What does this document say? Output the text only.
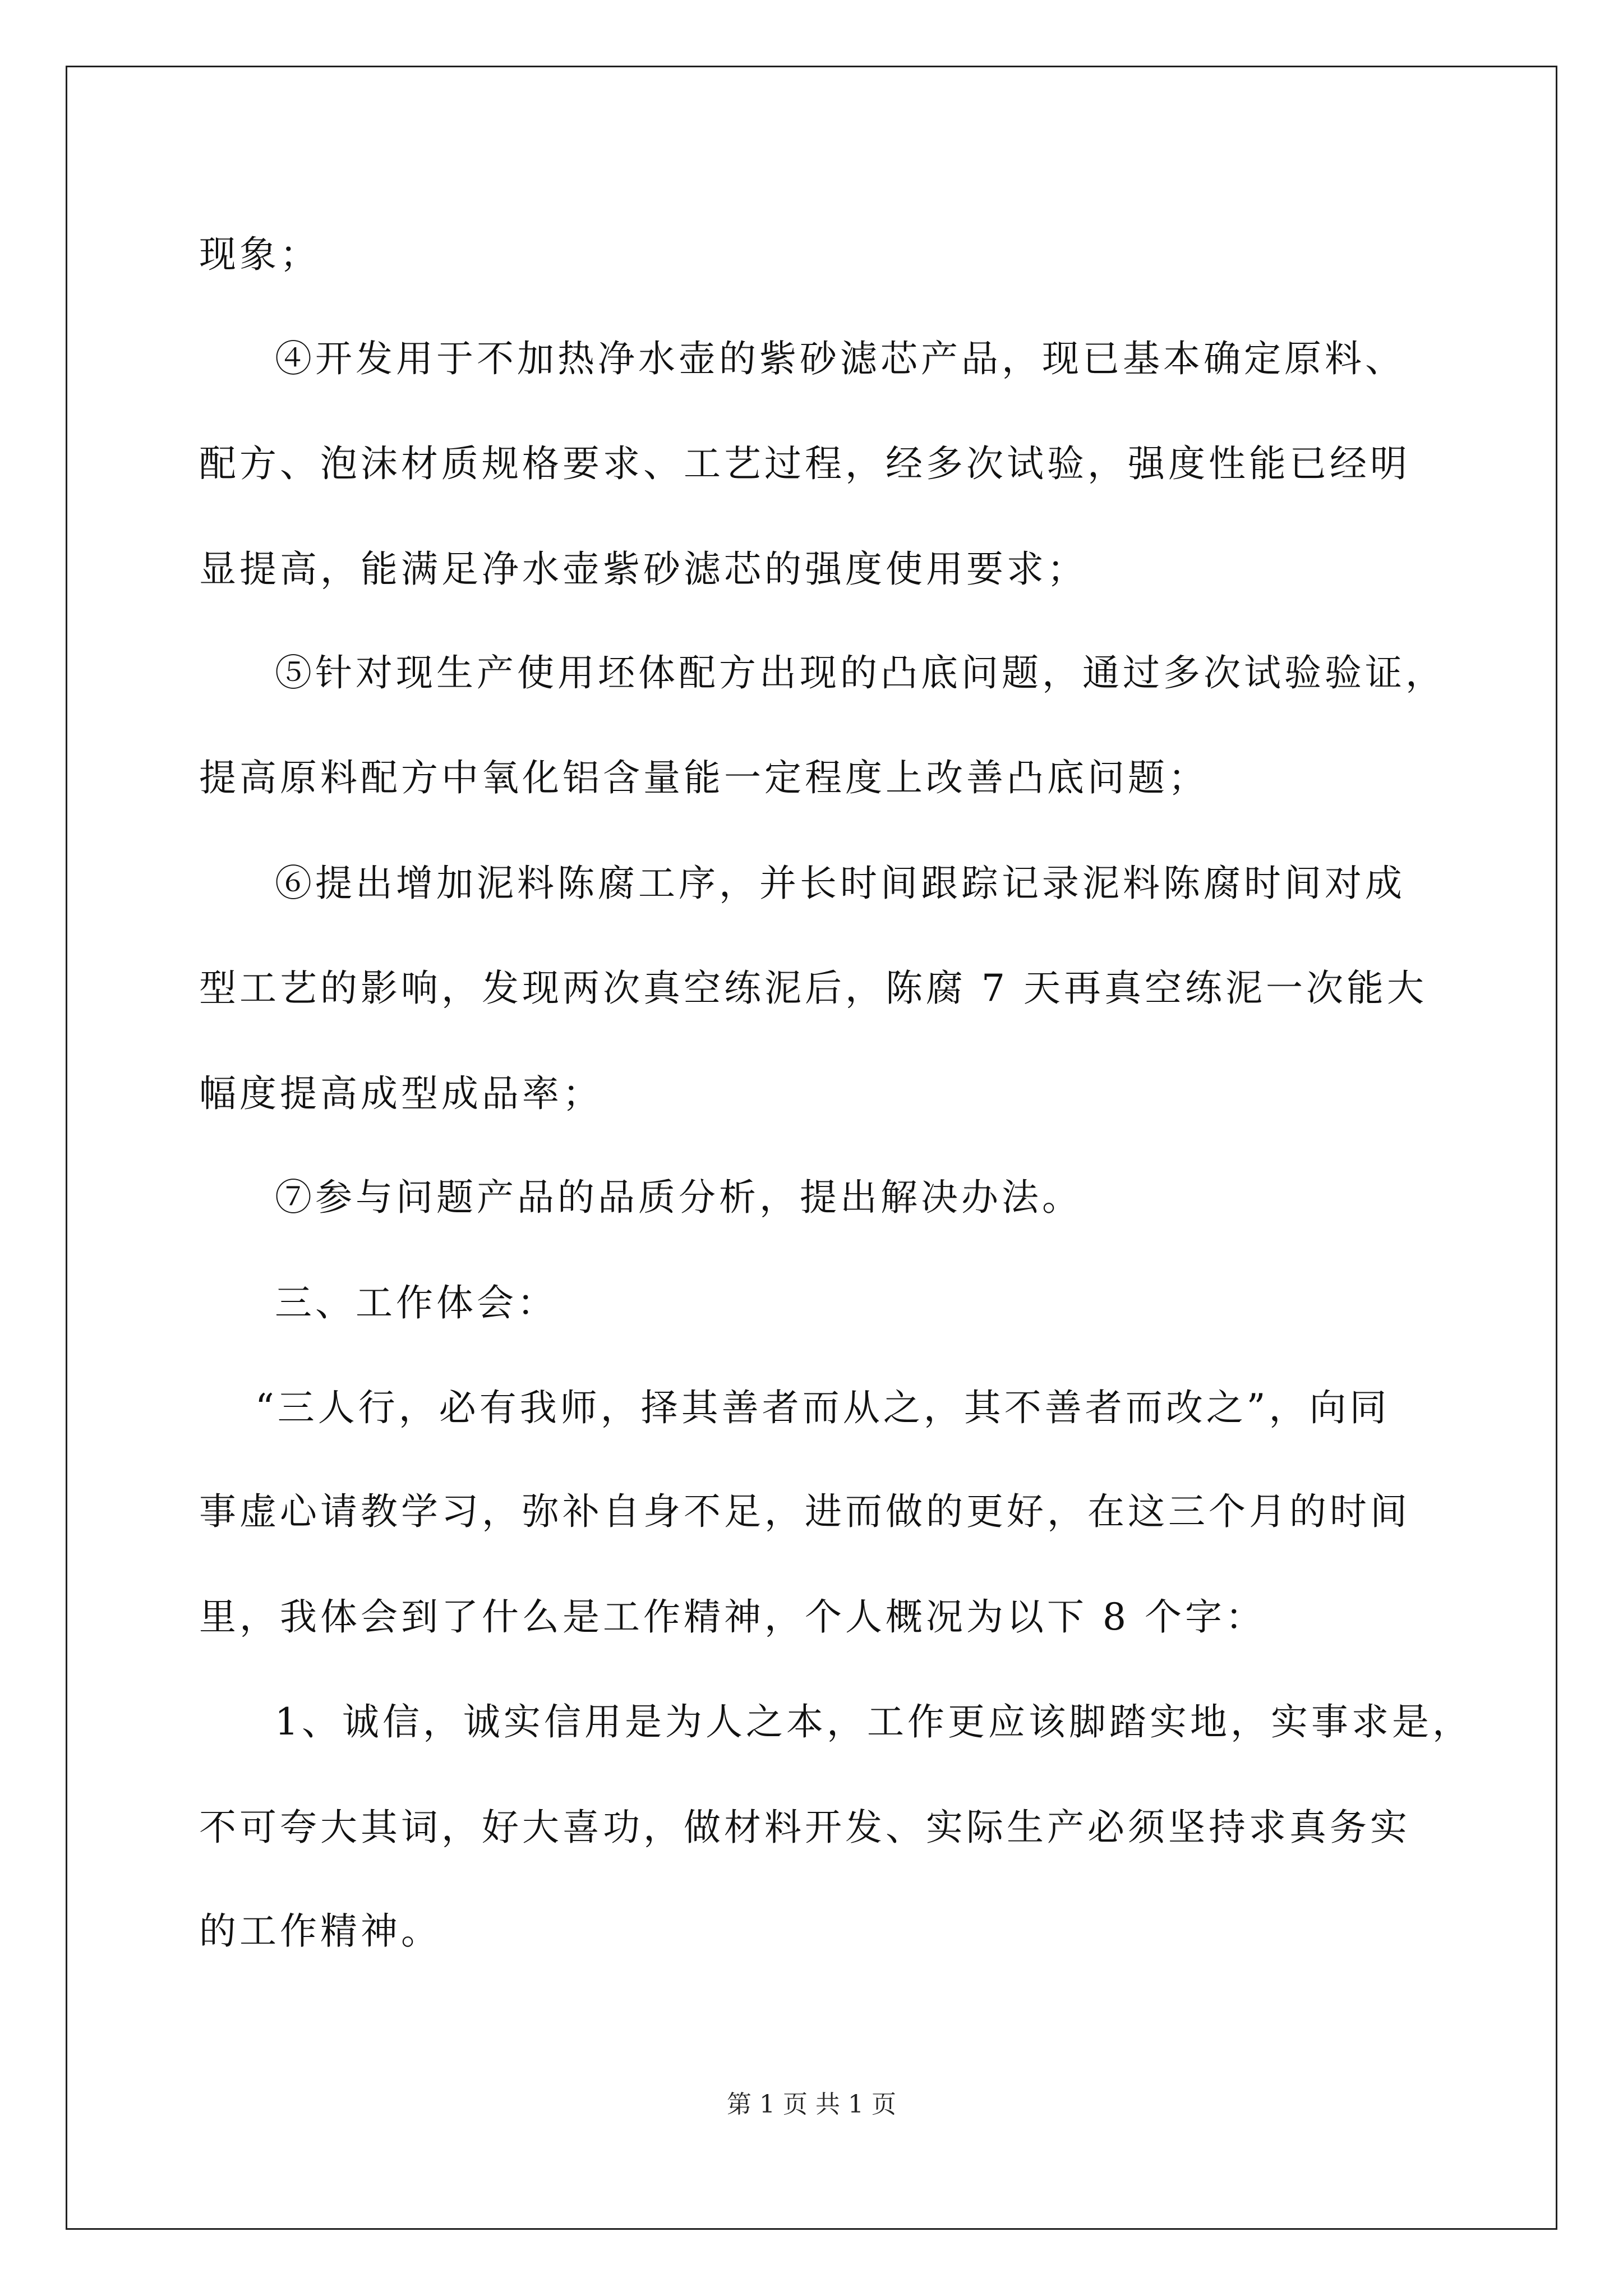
现象；
④开发用于不加热净水壶的紫砂滤芯产品，现已基本确定原料、
配方、泡沫材质规格要求、工艺过程，经多次试验，强度性能已经明
显提高，能满足净水壶紫砂滤芯的强度使用要求；
⑤针对现生产使用坯体配方出现的凸底问题，通过多次试验验证，
提高原料配方中氧化铝含量能一定程度上改善凸底问题；
⑥提出增加泥料陈腐工序，并长时间跟踪记录泥料陈腐时间对成
型工艺的影响，发现两次真空练泥后，陈腐 7 天再真空练泥一次能大
幅度提高成型成品率；
⑦参与问题产品的品质分析，提出解决办法。
三、工作体会：
“三人行，必有我师，择其善者而从之，其不善者而改之”，向同
事虚心请教学习，弥补自身不足，进而做的更好，在这三个月的时间
里，我体会到了什么是工作精神，个人概况为以下 8 个字：
1、诚信，诚实信用是为人之本，工作更应该脚踏实地，实事求是，
不可夸大其词，好大喜功，做材料开发、实际生产必须坚持求真务实
的工作精神。
第 1 页 共 1 页
